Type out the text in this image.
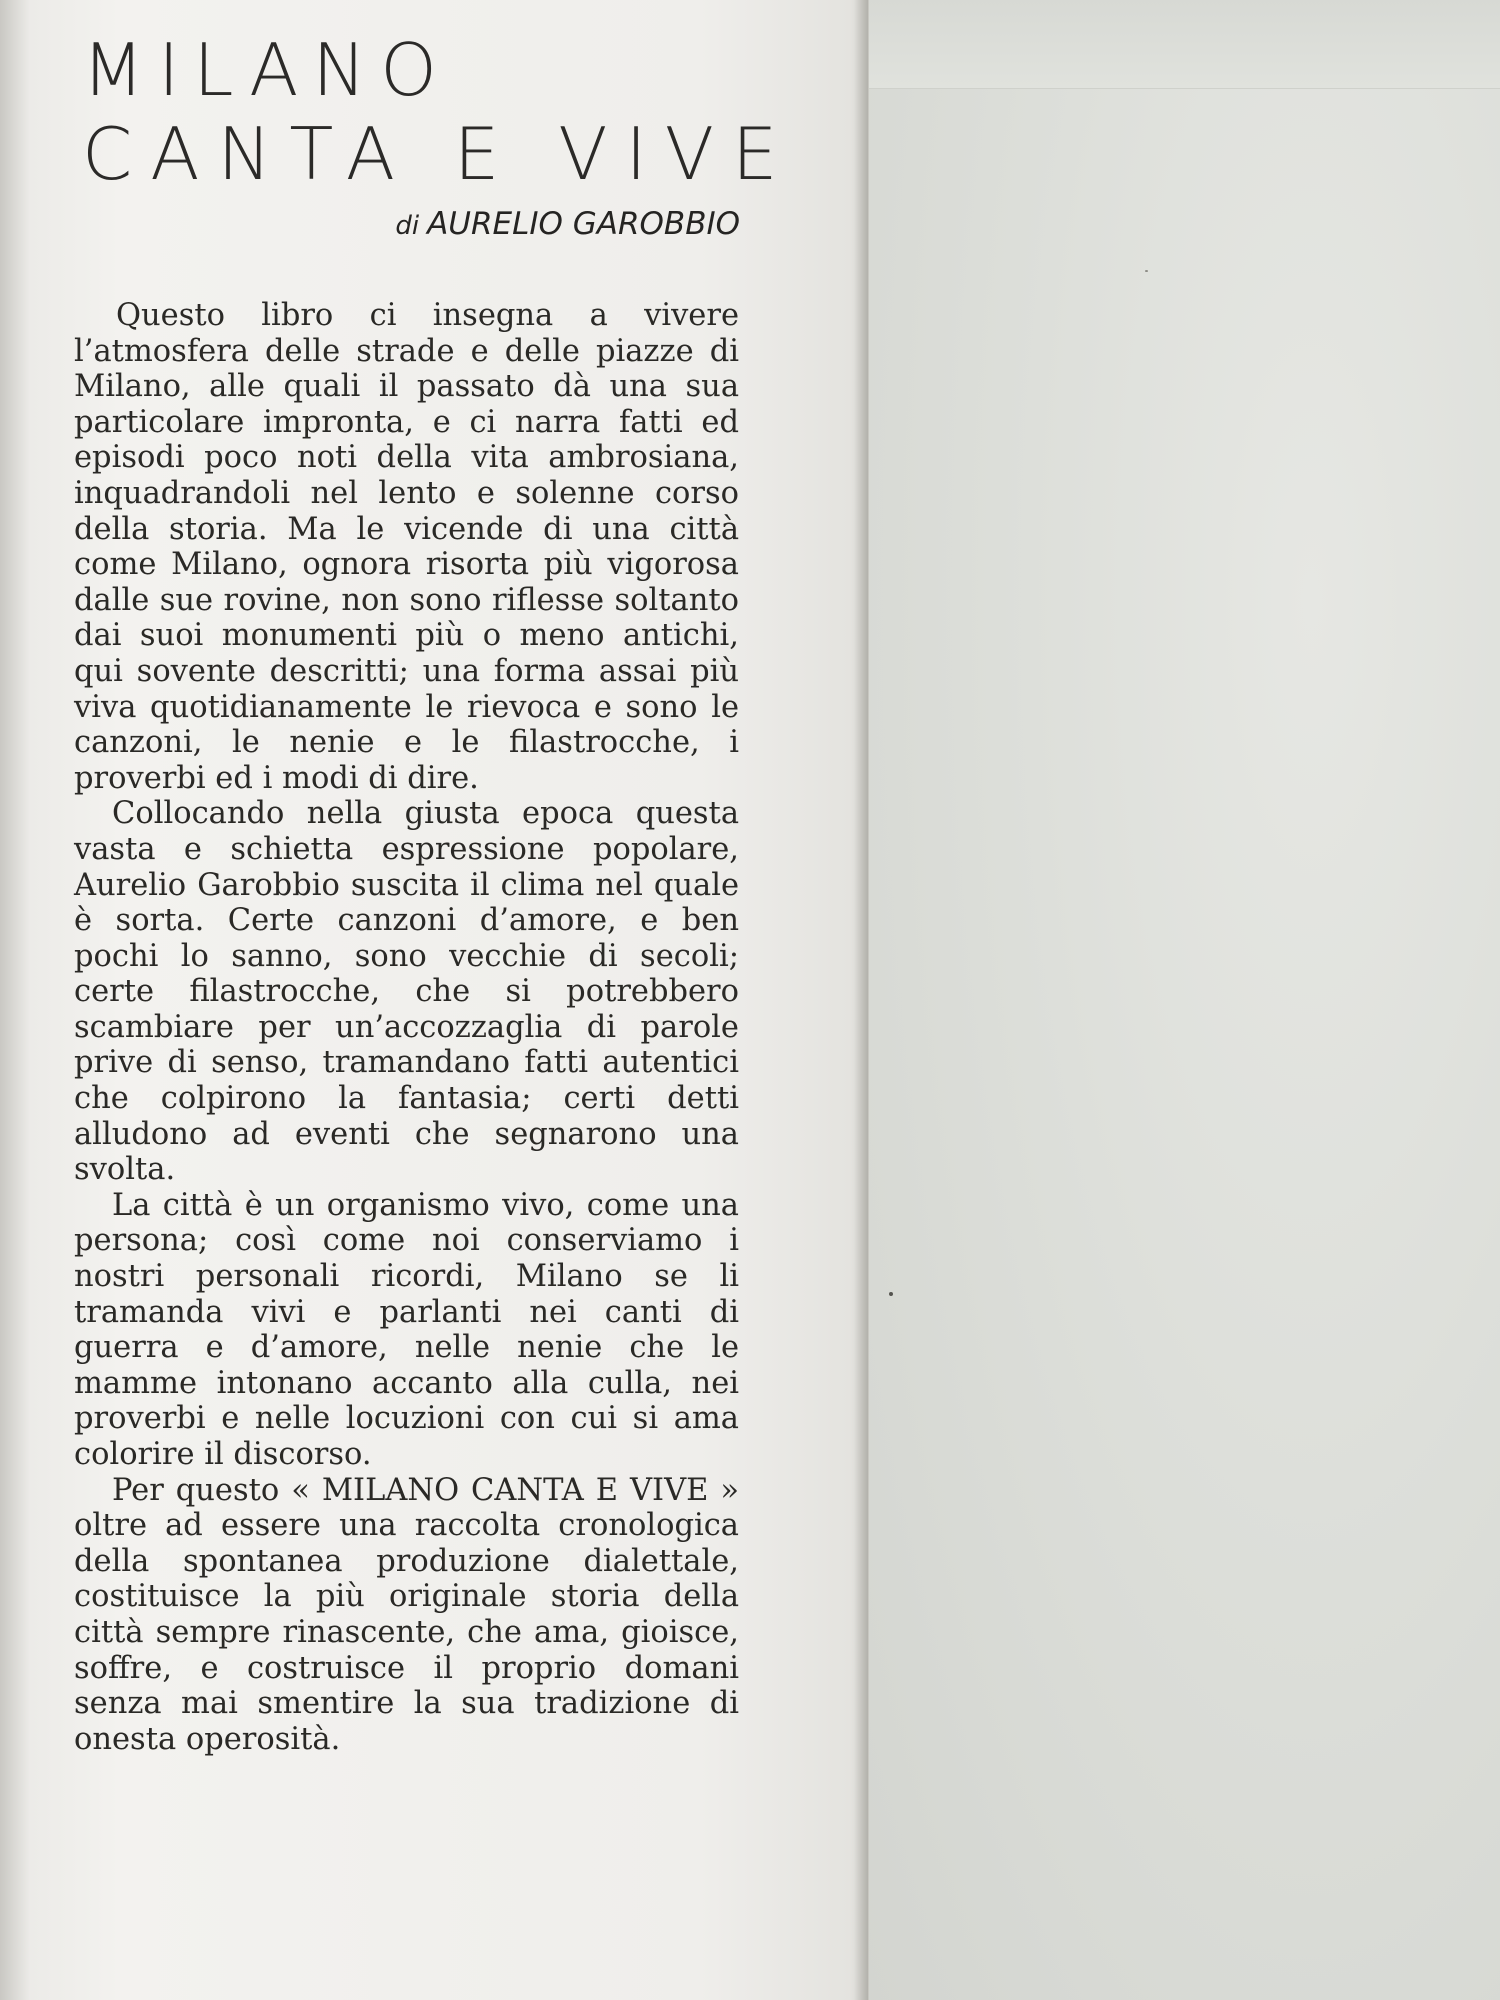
MILANO
CANTA E VIVE
di AURELIO GAROBBIO

Questo libro ci insegna a vivere l’atmosfera delle strade e delle piazze di Milano, alle quali il passato dà una sua particolare impronta, e ci narra fatti ed episodi poco noti della vita ambrosiana, inquadrandoli nel lento e solenne corso della storia. Ma le vicende di una città come Milano, ognora risorta più vigorosa dalle sue rovine, non sono riflesse soltanto dai suoi monumenti più o meno antichi, qui sovente descritti; una forma assai più viva quotidianamente le rievoca e sono le canzoni, le nenie e le filastrocche, i proverbi ed i modi di dire.

Collocando nella giusta epoca questa vasta e schietta espressione popolare, Aurelio Garobbio suscita il clima nel quale è sorta. Certe canzoni d’amore, e ben pochi lo sanno, sono vecchie di secoli; certe filastrocche, che si potrebbero scambiare per un’accozzaglia di parole prive di senso, tramandano fatti autentici che colpirono la fantasia; certi detti alludono ad eventi che segnarono una svolta.

La città è un organismo vivo, come una persona; così come noi conserviamo i nostri personali ricordi, Milano se li tramanda vivi e parlanti nei canti di guerra e d’amore, nelle nenie che le mamme intonano accanto alla culla, nei proverbi e nelle locuzioni con cui si ama colorire il discorso.

Per questo « MILANO CANTA E VIVE » oltre ad essere una raccolta cronologica della spontanea produzione dialettale, costituisce la più originale storia della città sempre rinascente, che ama, gioisce, soffre, e costruisce il proprio domani senza mai smentire la sua tradizione di onesta operosità.
